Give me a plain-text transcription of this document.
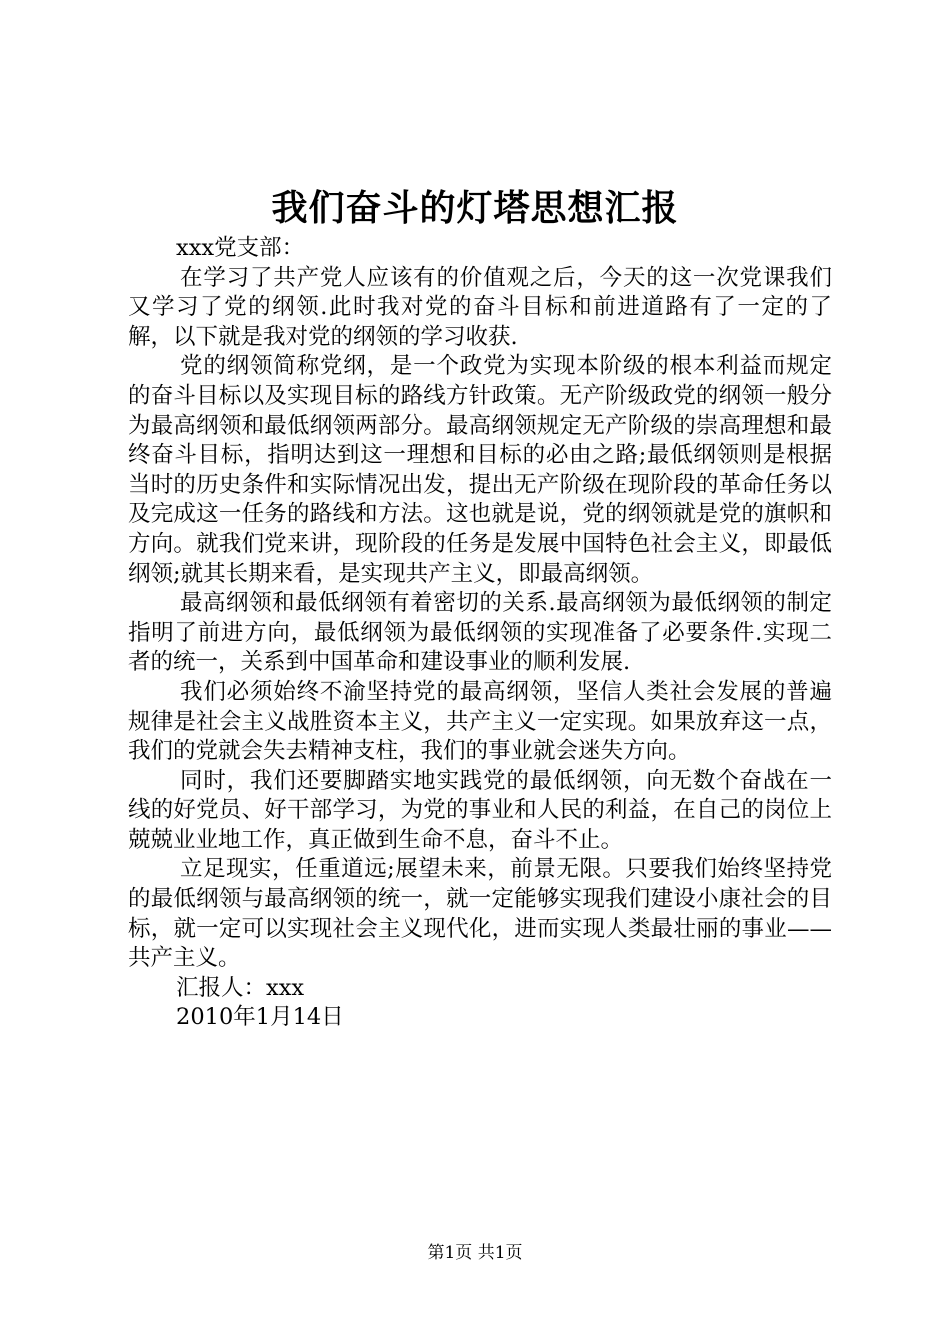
我们奋斗的灯塔思想汇报

xxx党支部：

在学习了共产党人应该有的价值观之后，今天的这一次党课我们又学习了党的纲领.此时我对党的奋斗目标和前进道路有了一定的了解，以下就是我对党的纲领的学习收获.

党的纲领简称党纲，是一个政党为实现本阶级的根本利益而规定的奋斗目标以及实现目标的路线方针政策。无产阶级政党的纲领一般分为最高纲领和最低纲领两部分。最高纲领规定无产阶级的崇高理想和最终奋斗目标，指明达到这一理想和目标的必由之路;最低纲领则是根据当时的历史条件和实际情况出发，提出无产阶级在现阶段的革命任务以及完成这一任务的路线和方法。这也就是说，党的纲领就是党的旗帜和方向。就我们党来讲，现阶段的任务是发展中国特色社会主义，即最低纲领;就其长期来看，是实现共产主义，即最高纲领。

最高纲领和最低纲领有着密切的关系.最高纲领为最低纲领的制定指明了前进方向，最低纲领为最低纲领的实现准备了必要条件.实现二者的统一，关系到中国革命和建设事业的顺利发展.

我们必须始终不渝坚持党的最高纲领，坚信人类社会发展的普遍规律是社会主义战胜资本主义，共产主义一定实现。如果放弃这一点，我们的党就会失去精神支柱，我们的事业就会迷失方向。

同时，我们还要脚踏实地实践党的最低纲领，向无数个奋战在一线的好党员、好干部学习，为党的事业和人民的利益，在自己的岗位上兢兢业业地工作，真正做到生命不息，奋斗不止。

立足现实，任重道远;展望未来，前景无限。只要我们始终坚持党的最低纲领与最高纲领的统一，就一定能够实现我们建设小康社会的目标，就一定可以实现社会主义现代化，进而实现人类最壮丽的事业——共产主义。

汇报人：xxx

2010年1月14日

第1页 共1页
